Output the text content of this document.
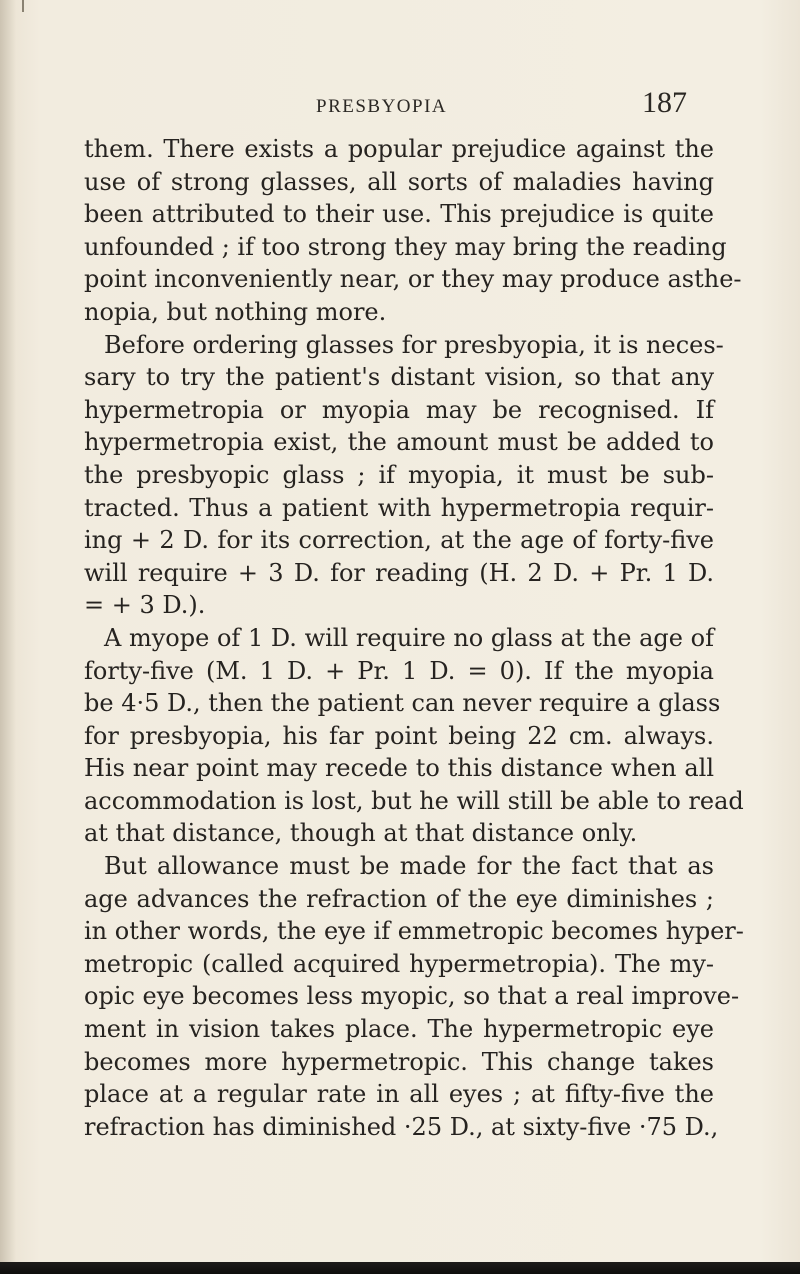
PRESBYOPIA	187
them. There exists a popular prejudice against the
use of strong glasses, all sorts of maladies having
been attributed to their use. This prejudice is quite
unfounded ; if too strong they may bring the reading
point inconveniently near, or they may produce asthe-
nopia, but nothing more.
Before ordering glasses for presbyopia, it is neces-
sary to try the patient's distant vision, so that any
hypermetropia or myopia may be recognised. If
hypermetropia exist, the amount must be added to
the presbyopic glass ; if myopia, it must be sub-
tracted. Thus a patient with hypermetropia requir-
ing + 2 D. for its correction, at the age of forty-five
will require + 3 D. for reading (H. 2 D. + Pr. 1 D.
= + 3 D.).
A myope of 1 D. will require no glass at the age of
forty-five (M. 1 D. + Pr. 1 D. = 0). If the myopia
be 4·5 D., then the patient can never require a glass
for presbyopia, his far point being 22 cm. always.
His near point may recede to this distance when all
accommodation is lost, but he will still be able to read
at that distance, though at that distance only.
But allowance must be made for the fact that as
age advances the refraction of the eye diminishes ;
in other words, the eye if emmetropic becomes hyper-
metropic (called acquired hypermetropia). The my-
opic eye becomes less myopic, so that a real improve-
ment in vision takes place. The hypermetropic eye
becomes more hypermetropic. This change takes
place at a regular rate in all eyes ; at fifty-five the
refraction has diminished ·25 D., at sixty-five ·75 D.,
